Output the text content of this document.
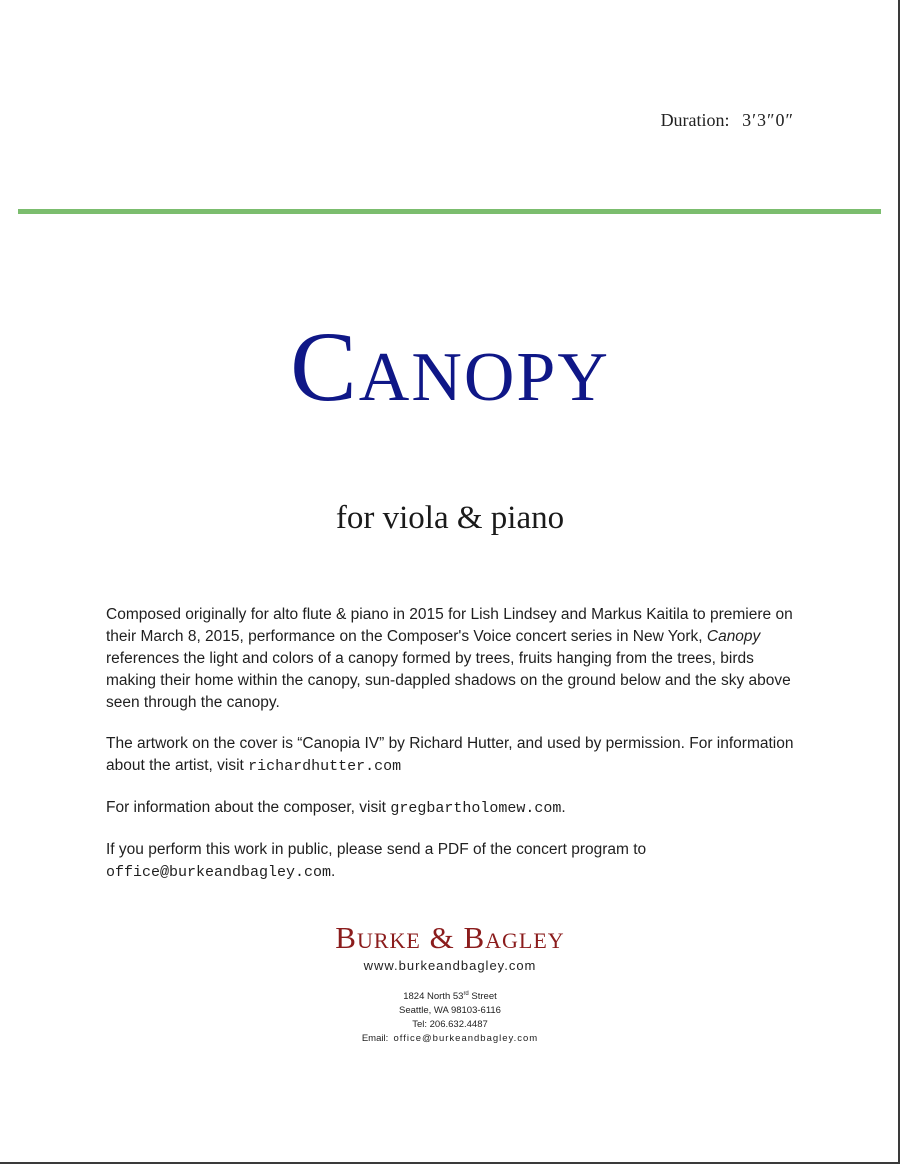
Duration: 3′3″0″
Canopy
for viola & piano

Composed originally for alto flute & piano in 2015 for Lish Lindsey and Markus Kaitila to premiere on their March 8, 2015, performance on the Composer's Voice concert series in New York, Canopy references the light and colors of a canopy formed by trees, fruits hanging from the trees, birds making their home within the canopy, sun-dappled shadows on the ground below and the sky above seen through the canopy.

The artwork on the cover is “Canopia IV” by Richard Hutter, and used by permission. For information about the artist, visit richardhutter.com

For information about the composer, visit gregbartholomew.com.

If you perform this work in public, please send a PDF of the concert program to office@burkeandbagley.com.

Burke & Bagley
www.burkeandbagley.com
1824 North 53rd Street
Seattle, WA 98103-6116
Tel: 206.632.4487
Email:  office@burkeandbagley.com
